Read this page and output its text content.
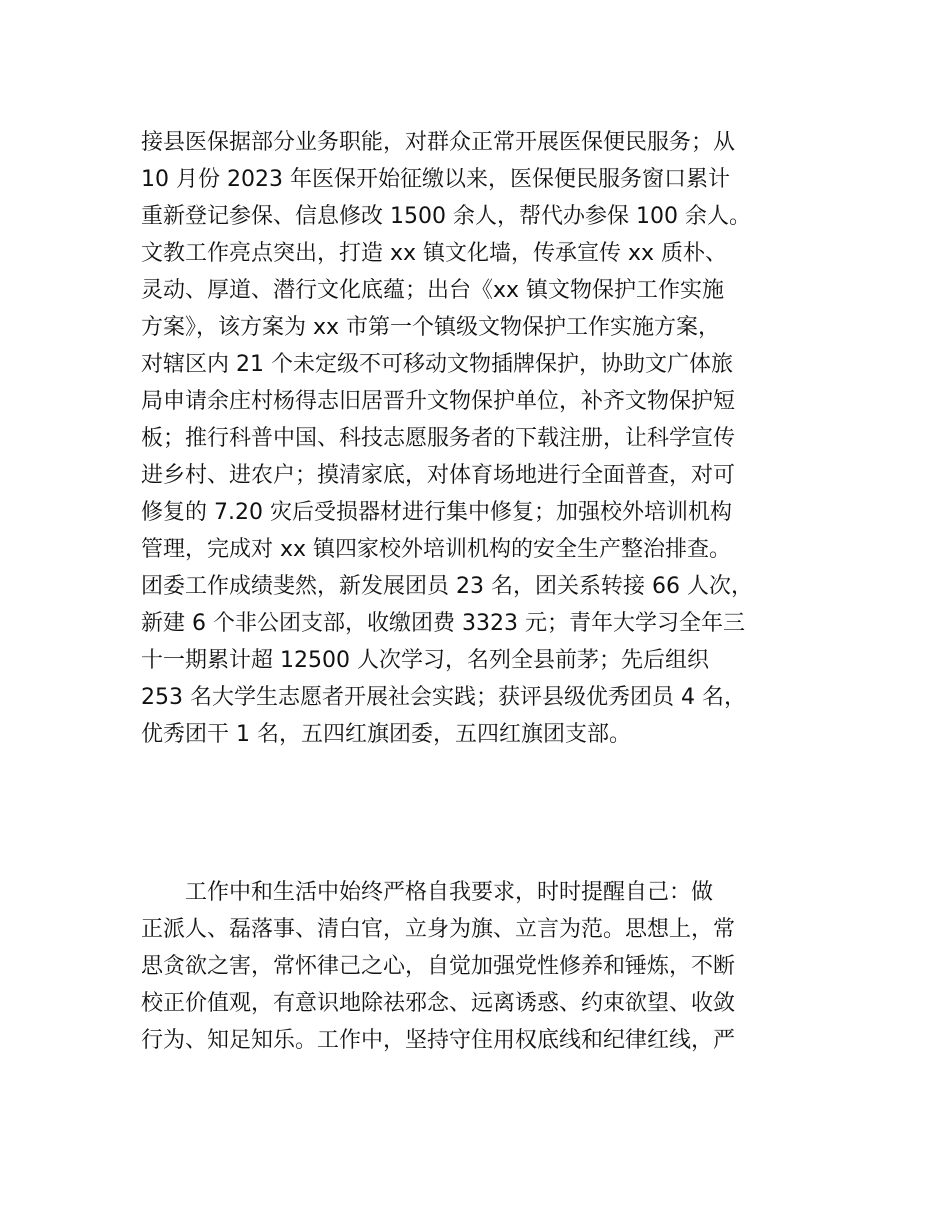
接县医保据部分业务职能，对群众正常开展医保便民服务；从
10 月份 2023 年医保开始征缴以来，医保便民服务窗口累计
重新登记参保、信息修改 1500 余人，帮代办参保 100 余人。
文教工作亮点突出，打造 xx 镇文化墙，传承宣传 xx 质朴、
灵动、厚道、潜行文化底蕴；出台《xx 镇文物保护工作实施
方案》，该方案为 xx 市第一个镇级文物保护工作实施方案，
对辖区内 21 个未定级不可移动文物插牌保护，协助文广体旅
局申请余庄村杨得志旧居晋升文物保护单位，补齐文物保护短
板；推行科普中国、科技志愿服务者的下载注册，让科学宣传
进乡村、进农户；摸清家底，对体育场地进行全面普查，对可
修复的 7.20 灾后受损器材进行集中修复；加强校外培训机构
管理，完成对 xx 镇四家校外培训机构的安全生产整治排查。
团委工作成绩斐然，新发展团员 23 名，团关系转接 66 人次，
新建 6 个非公团支部，收缴团费 3323 元；青年大学习全年三
十一期累计超 12500 人次学习，名列全县前茅；先后组织
253 名大学生志愿者开展社会实践；获评县级优秀团员 4 名，
优秀团干 1 名，五四红旗团委，五四红旗团支部。
工作中和生活中始终严格自我要求，时时提醒自己：做
正派人、磊落事、清白官，立身为旗、立言为范。思想上，常
思贪欲之害，常怀律己之心，自觉加强党性修养和锤炼，不断
校正价值观，有意识地除祛邪念、远离诱惑、约束欲望、收敛
行为、知足知乐。工作中，坚持守住用权底线和纪律红线，严
